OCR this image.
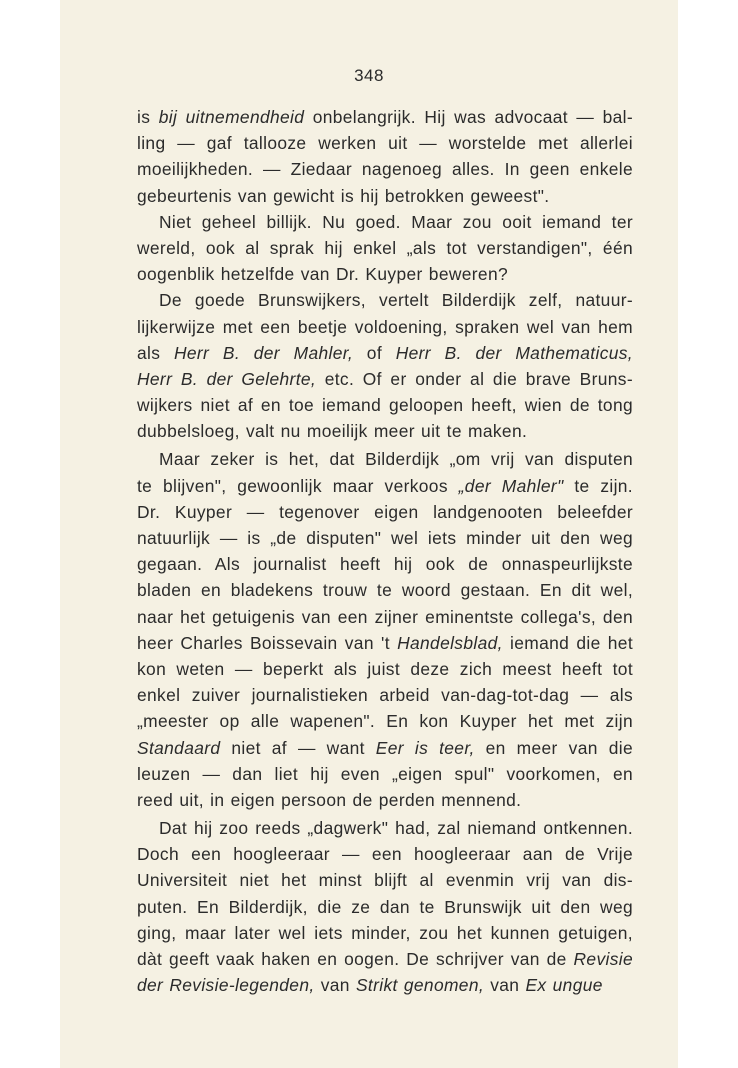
348
is bij uitnemendheid onbelangrijk. Hij was advocaat — bal-
ling — gaf tallooze werken uit — worstelde met allerlei
moeilijkheden. — Ziedaar nagenoeg alles. In geen enkele
gebeurtenis van gewicht is hij betrokken geweest".
Niet geheel billijk. Nu goed. Maar zou ooit iemand ter
wereld, ook al sprak hij enkel „als tot verstandigen", één
oogenblik hetzelfde van Dr. Kuyper beweren?
De goede Brunswijkers, vertelt Bilderdijk zelf, natuur-
lijkerwijze met een beetje voldoening, spraken wel van hem
als Herr B. der Mahler, of Herr B. der Mathematicus,
Herr B. der Gelehrte, etc. Of er onder al die brave Bruns-
wijkers niet af en toe iemand geloopen heeft, wien de tong
dubbelsloeg, valt nu moeilijk meer uit te maken.
Maar zeker is het, dat Bilderdijk „om vrij van disputen
te blijven", gewoonlijk maar verkoos „der Mahler" te zijn.
Dr. Kuyper — tegenover eigen landgenooten beleefder
natuurlijk — is „de disputen" wel iets minder uit den weg
gegaan. Als journalist heeft hij ook de onnaspeurlijkste
bladen en bladekens trouw te woord gestaan. En dit wel,
naar het getuigenis van een zijner eminentste collega's, den
heer Charles Boissevain van 't Handelsblad, iemand die het
kon weten — beperkt als juist deze zich meest heeft tot
enkel zuiver journalistieken arbeid van-dag-tot-dag — als
„meester op alle wapenen". En kon Kuyper het met zijn
Standaard niet af — want Eer is teer, en meer van die
leuzen — dan liet hij even „eigen spul" voorkomen, en
reed uit, in eigen persoon de perden mennend.
Dat hij zoo reeds „dagwerk" had, zal niemand ontkennen.
Doch een hoogleeraar — een hoogleeraar aan de Vrije
Universiteit niet het minst blijft al evenmin vrij van dis-
puten. En Bilderdijk, die ze dan te Brunswijk uit den weg
ging, maar later wel iets minder, zou het kunnen getuigen,
dàt geeft vaak haken en oogen. De schrijver van de Revisie
der Revisie-legenden, van Strikt genomen, van Ex ungue
